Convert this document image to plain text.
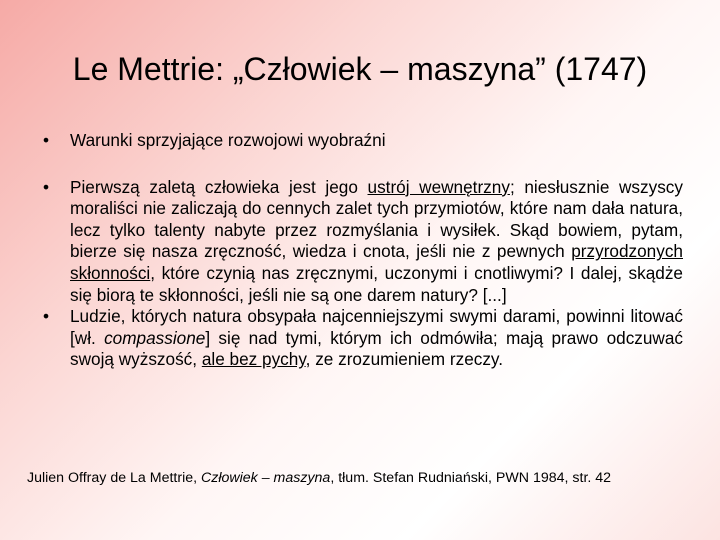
Le Mettrie: „Człowiek – maszyna” (1747)
• Warunki sprzyjające rozwojowi wyobraźni
• Pierwszą zaletą człowieka jest jego ustrój wewnętrzny; niesłusznie wszyscy moraliści nie zaliczają do cennych zalet tych przymiotów, które nam dała natura, lecz tylko talenty nabyte przez rozmyślania i wysiłek. Skąd bowiem, pytam, bierze się nasza zręczność, wiedza i cnota, jeśli nie z pewnych przyrodzonych skłonności, które czynią nas zręcznymi, uczonymi i cnotliwymi? I dalej, skądże się biorą te skłonności, jeśli nie są one darem natury? [...]
• Ludzie, których natura obsypała najcenniejszymi swymi darami, powinni litować [wł. compassione] się nad tymi, którym ich odmówiła; mają prawo odczuwać swoją wyższość, ale bez pychy, ze zrozumieniem rzeczy.
Julien Offray de La Mettrie, Człowiek – maszyna, tłum. Stefan Rudniański, PWN 1984, str. 42
